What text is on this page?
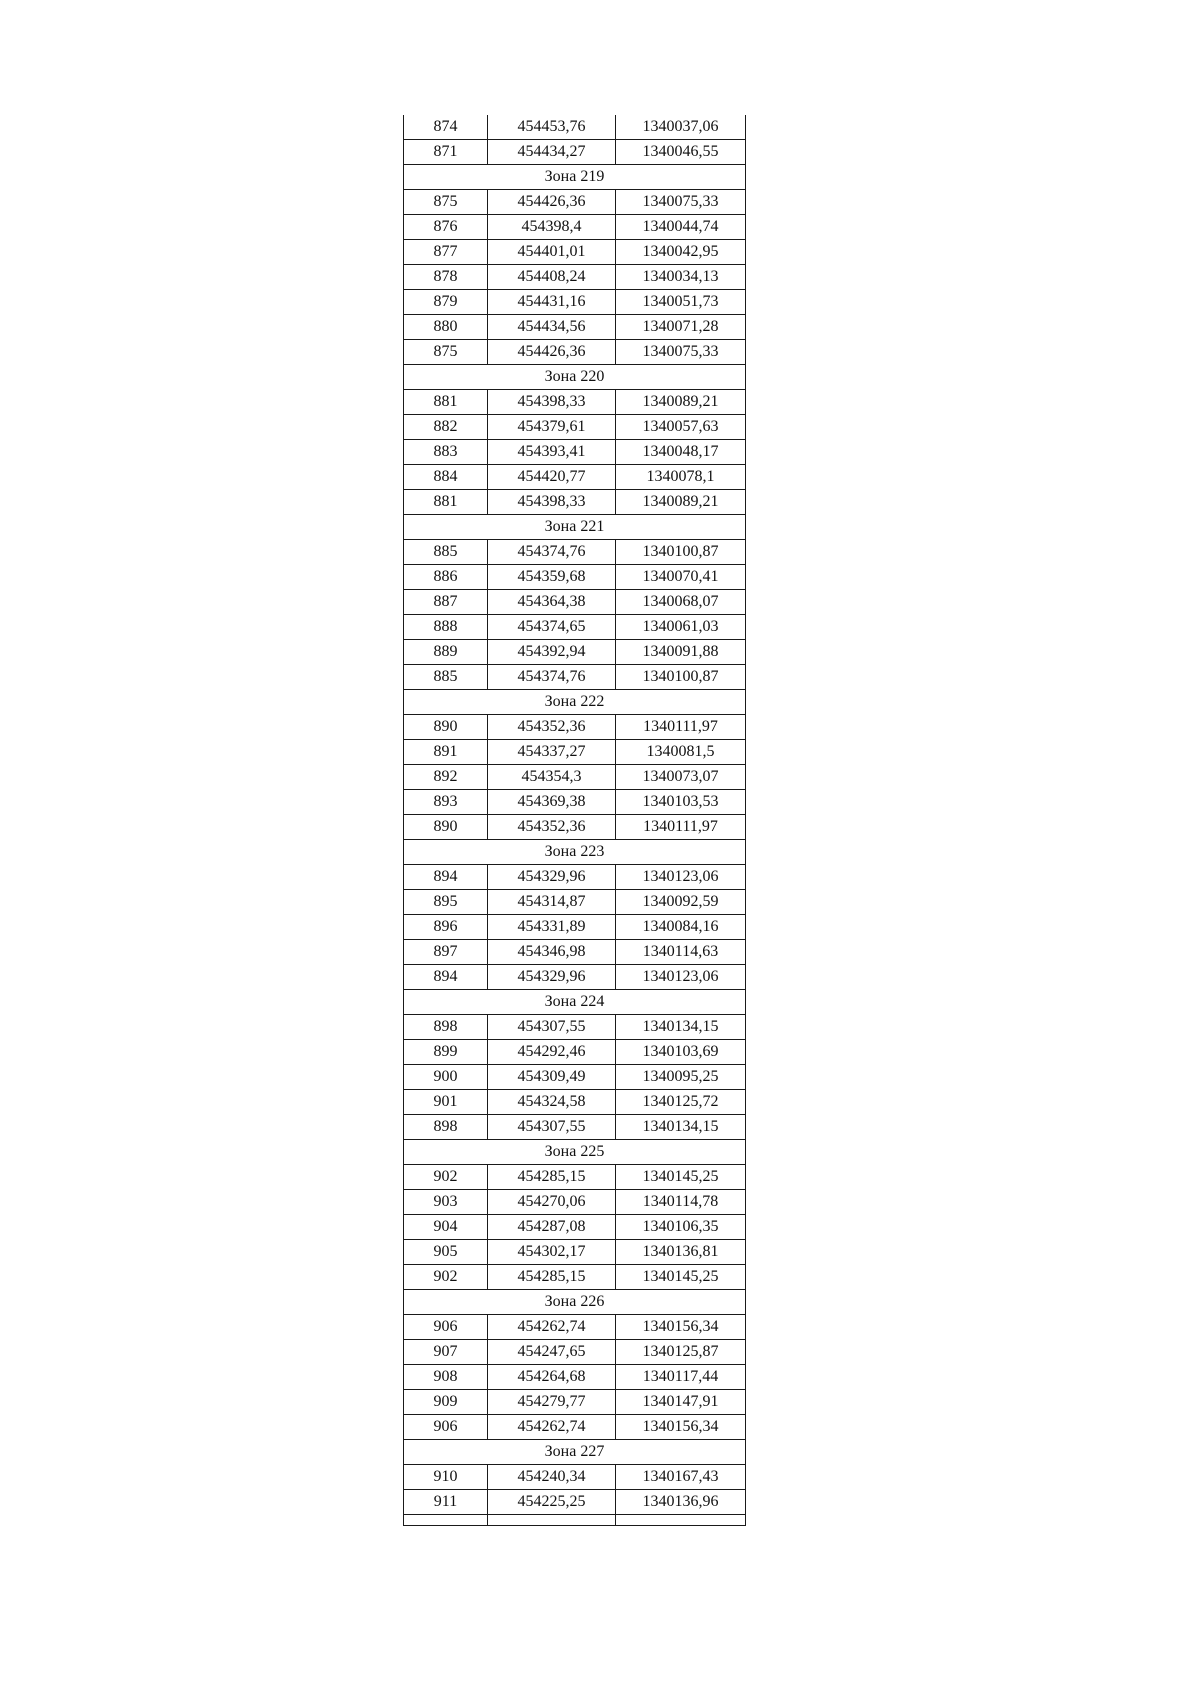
874	454453,76	1340037,06
871	454434,27	1340046,55
Зона 219		
875	454426,36	1340075,33
876	454398,4	1340044,74
877	454401,01	1340042,95
878	454408,24	1340034,13
879	454431,16	1340051,73
880	454434,56	1340071,28
875	454426,36	1340075,33
Зона 220		
881	454398,33	1340089,21
882	454379,61	1340057,63
883	454393,41	1340048,17
884	454420,77	1340078,1
881	454398,33	1340089,21
Зона 221		
885	454374,76	1340100,87
886	454359,68	1340070,41
887	454364,38	1340068,07
888	454374,65	1340061,03
889	454392,94	1340091,88
885	454374,76	1340100,87
Зона 222		
890	454352,36	1340111,97
891	454337,27	1340081,5
892	454354,3	1340073,07
893	454369,38	1340103,53
890	454352,36	1340111,97
Зона 223		
894	454329,96	1340123,06
895	454314,87	1340092,59
896	454331,89	1340084,16
897	454346,98	1340114,63
894	454329,96	1340123,06
Зона 224		
898	454307,55	1340134,15
899	454292,46	1340103,69
900	454309,49	1340095,25
901	454324,58	1340125,72
898	454307,55	1340134,15
Зона 225		
902	454285,15	1340145,25
903	454270,06	1340114,78
904	454287,08	1340106,35
905	454302,17	1340136,81
902	454285,15	1340145,25
Зона 226		
906	454262,74	1340156,34
907	454247,65	1340125,87
908	454264,68	1340117,44
909	454279,77	1340147,91
906	454262,74	1340156,34
Зона 227		
910	454240,34	1340167,43
911	454225,25	1340136,96
